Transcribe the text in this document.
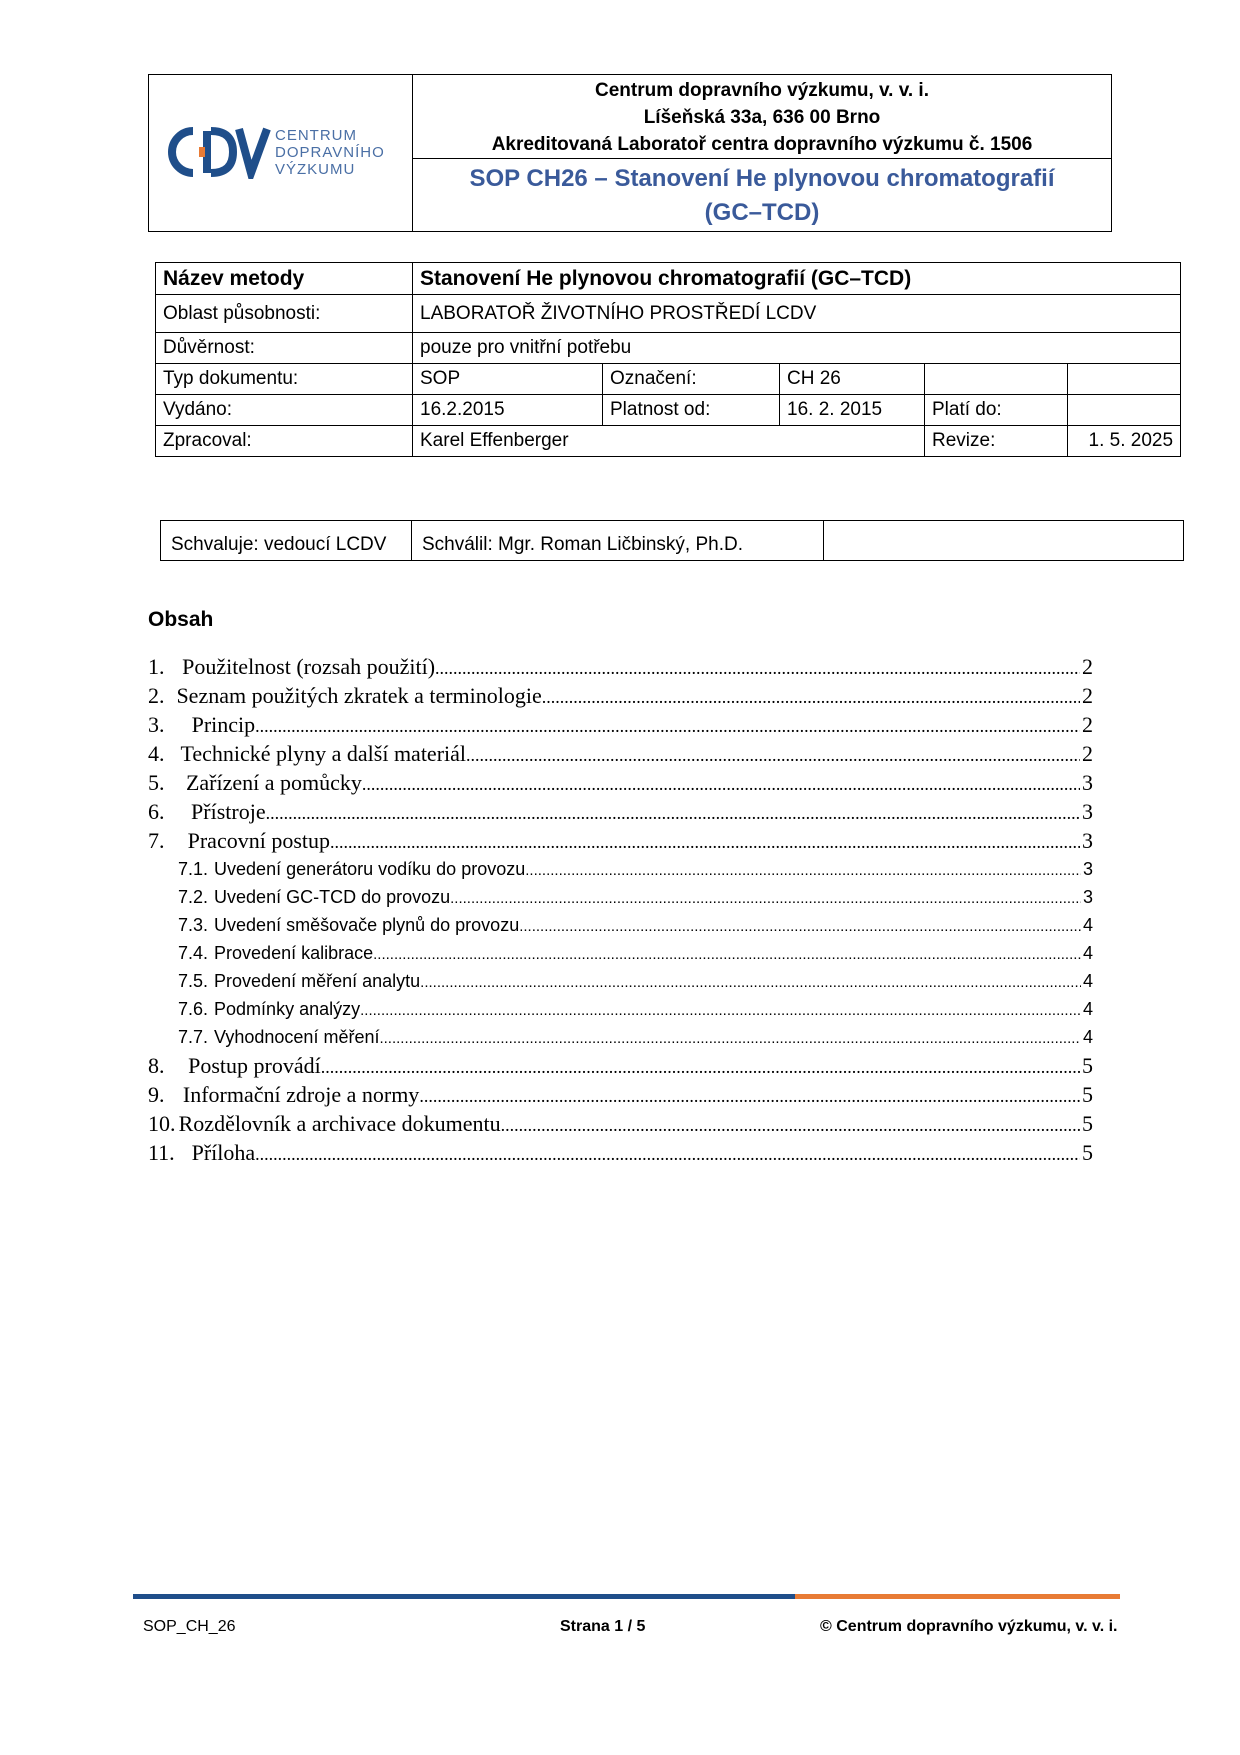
CENTRUM
DOPRAVNÍHO
VÝZKUMU
Centrum dopravního výzkumu, v. v. i.
Líšeňská 33a, 636 00 Brno
Akreditovaná Laboratoř centra dopravního výzkumu č. 1506
SOP CH26 – Stanovení He plynovou chromatografií
(GC–TCD)
Název metody	Stanovení He plynovou chromatografií (GC–TCD)				
Oblast působnosti:	LABORATOŘ ŽIVOTNÍHO PROSTŘEDÍ LCDV				
Důvěrnost:	pouze pro vnitřní potřebu				
Typ dokumentu:	SOP	Označení:	CH 26		
Vydáno:	16.2.2015	Platnost od:	16. 2. 2015	Platí do:	
Zpracoval:	Karel Effenberger			Revize:	1. 5. 2025
Schvaluje: vedoucí LCDV	Schválil: Mgr. Roman Ličbinský, Ph.D.	
Obsah
1. Použitelnost (rozsah použití) .....	2
2. Seznam použitých zkratek a terminologie .....	2
3.	Princip .....	2
4. Technické plyny a další materiál .....	2
5. Zařízení a pomůcky .....	3
6.	Přístroje .....	3
7.	Pracovní postup .....	3
7.1. Uvedení generátoru vodíku do provozu .....	3
7.2. Uvedení GC-TCD do provozu .....	3
7.3. Uvedení směšovače plynů do provozu .....	4
7.4. Provedení kalibrace .....	4
7.5. Provedení měření analytu .....	4
7.6. Podmínky analýzy .....	4
7.7. Vyhodnocení měření .....	4
8.	Postup provádí .....	5
9. Informační zdroje a normy .....	5
10. Rozdělovník a archivace dokumentu .....	5
11. Příloha .....	5
SOP_CH_26	Strana 1 / 5	© Centrum dopravního výzkumu, v. v. i.
